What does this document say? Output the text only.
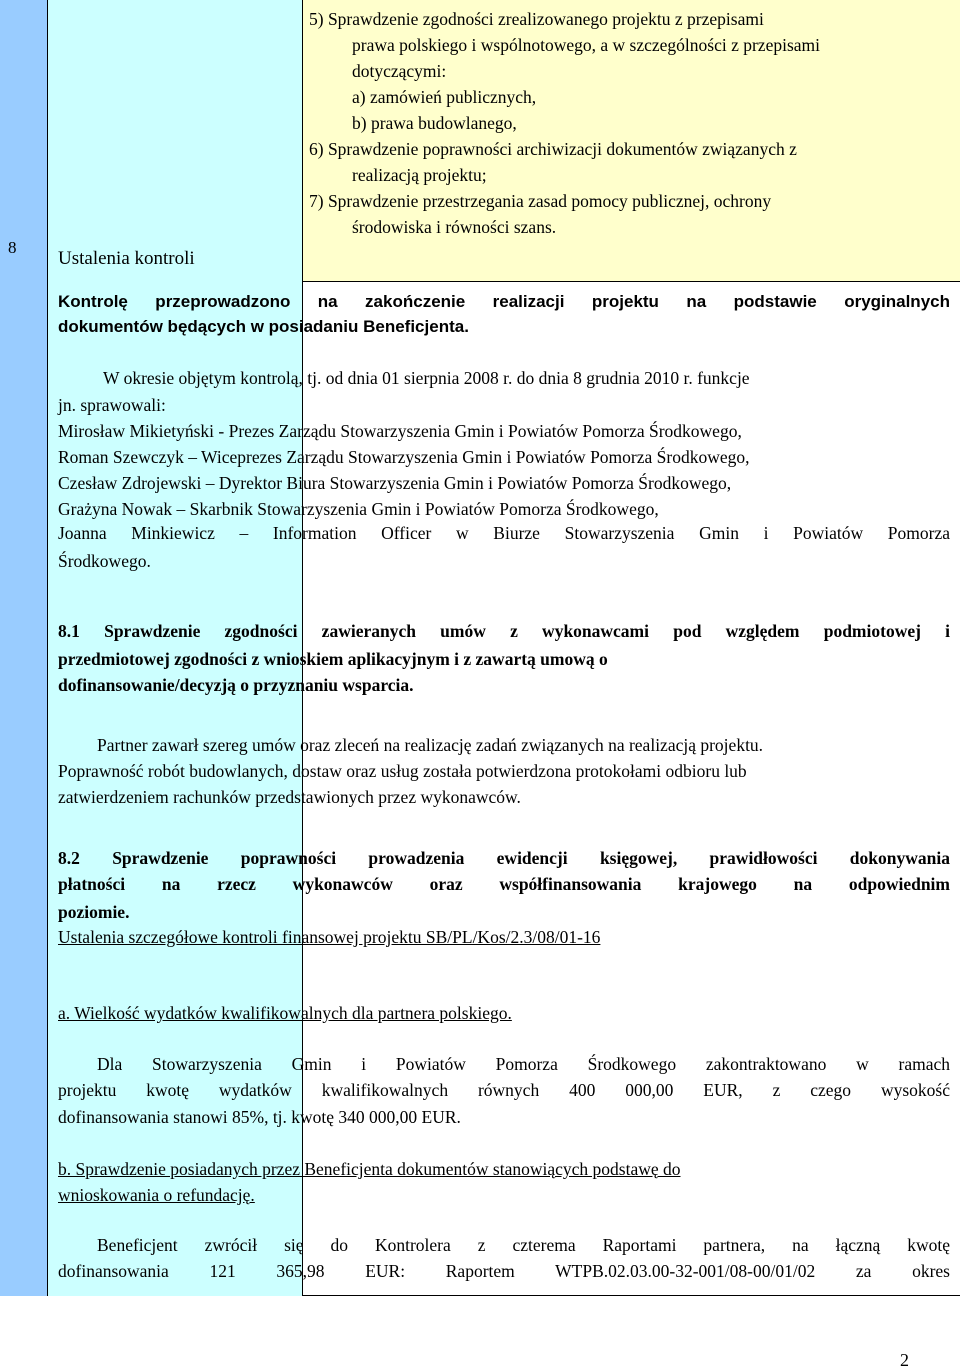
8
Ustalenia kontroli
5) Sprawdzenie zgodności zrealizowanego projektu z przepisami
prawa polskiego i wspólnotowego, a w szczególności z przepisami
dotyczącymi:
a) zamówień publicznych,
b) prawa budowlanego,
6) Sprawdzenie poprawności archiwizacji dokumentów związanych z
realizacją projektu;
7) Sprawdzenie przestrzegania zasad pomocy publicznej, ochrony
środowiska i równości szans.
Kontrolę przeprowadzono na zakończenie realizacji projektu na podstawie oryginalnych
dokumentów będących w posiadaniu Beneficjenta.
W okresie objętym kontrolą, tj. od dnia 01 sierpnia 2008 r. do dnia 8 grudnia 2010 r. funkcje
jn. sprawowali:
Mirosław Mikietyński - Prezes Zarządu Stowarzyszenia Gmin i Powiatów Pomorza Środkowego,
Roman Szewczyk – Wiceprezes Zarządu Stowarzyszenia Gmin i Powiatów Pomorza Środkowego,
Czesław Zdrojewski – Dyrektor Biura Stowarzyszenia Gmin i Powiatów Pomorza Środkowego,
Grażyna Nowak – Skarbnik Stowarzyszenia Gmin i Powiatów Pomorza Środkowego,
Joanna Minkiewicz – Information Officer w Biurze Stowarzyszenia Gmin i Powiatów Pomorza
Środkowego.
8.1 Sprawdzenie zgodności zawieranych umów z wykonawcami pod względem podmiotowej i
przedmiotowej zgodności z wnioskiem aplikacyjnym i z zawartą umową o
dofinansowanie/decyzją o przyznaniu wsparcia.
Partner zawarł szereg umów oraz zleceń na realizację zadań związanych na realizacją projektu.
Poprawność robót budowlanych, dostaw oraz usług została potwierdzona protokołami odbioru lub
zatwierdzeniem rachunków przedstawionych przez wykonawców.
8.2 Sprawdzenie poprawności prowadzenia ewidencji księgowej, prawidłowości dokonywania
płatności na rzecz wykonawców oraz współfinansowania krajowego na odpowiednim
poziomie.
Ustalenia szczegółowe kontroli finansowej projektu SB/PL/Kos/2.3/08/01-16
a. Wielkość wydatków kwalifikowalnych dla partnera polskiego.
Dla Stowarzyszenia Gmin i Powiatów Pomorza Środkowego zakontraktowano w ramach
projektu kwotę wydatków kwalifikowalnych równych 400 000,00 EUR, z czego wysokość
dofinansowania stanowi 85%, tj. kwotę 340 000,00 EUR.
b. Sprawdzenie posiadanych przez Beneficjenta dokumentów stanowiących podstawę do
wnioskowania o refundację.
Beneficjent zwrócił się do Kontrolera z czterema Raportami partnera, na łączną kwotę
dofinansowania 121 365,98 EUR: Raportem WTPB.02.03.00-32-001/08-00/01/02 za okres
2
